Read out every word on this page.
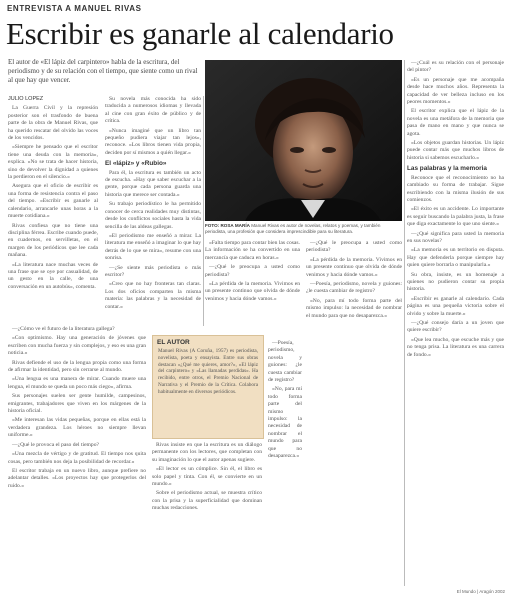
ENTREVISTA A MANUEL RIVAS
Escribir es ganarle al calendario
El autor de «El lápiz del carpintero» habla de la escritura, del periodismo y de su relación con el tiempo, que siente como un rival al que hay que vencer.
JULIO LÓPEZ

La Guerra Civil y la represión posterior son el trasfondo de buena parte de la obra de Manuel Rivas, que ha querido rescatar del olvido las voces de los vencidos.

«Siempre he pensado que el escritor tiene una deuda con la memoria», explica. «No se trata de hacer historia, sino de devolver la dignidad a quienes la perdieron en el silencio.»

Asegura que el oficio de escribir es una forma de resistencia contra el paso del tiempo. «Escribir es ganarle al calendario, arrancarle unas horas a la muerte cotidiana.»

Rivas confiesa que no tiene una disciplina férrea. Escribe cuando puede, en cuadernos, en servilletas, en el margen de los periódicos que lee cada mañana.

«La literatura nace muchas veces de una frase que se oye por casualidad, de un gesto en la calle, de una conversación en un autobús», comenta.

Su novela más conocida ha sido traducida a numerosos idiomas y llevada al cine con gran éxito de público y de crítica.

«Nunca imaginé que un libro tan pequeño pudiera viajar tan lejos», reconoce. «Los libros tienen vida propia, deciden por sí mismos a quién llegar.»

El «lápiz» y «Rubio»

Para él, la escritura es también un acto de escucha. «Hay que saber escuchar a la gente, porque cada persona guarda una historia que merece ser contada.»

Su trabajo periodístico le ha permitido conocer de cerca realidades muy distintas, desde los conflictos sociales hasta la vida sencilla de las aldeas gallegas.

«El periodismo me enseñó a mirar. La literatura me enseñó a imaginar lo que hay detrás de lo que se mira», resume con una sonrisa.

—¿Se siente más periodista o más escritor?

«Creo que no hay fronteras tan claras. Los dos oficios comparten la misma materia: las palabras y la necesidad de contar.»

FOTO: ROSA MARÍA Manuel Rivas es autor de novelas, relatos y poemas, y también periodista, una profesión que considera imprescindible para su literatura.

—¿Cuál es su relación con el personaje del pintor?

«Es un personaje que me acompaña desde hace muchos años. Representa la capacidad de ver belleza incluso en los peores momentos.»

El escritor explica que el lápiz de la novela es una metáfora de la memoria que pasa de mano en mano y que nunca se agota.

«Los objetos guardan historias. Un lápiz puede contar más que muchos libros de historia si sabemos escucharlo.»

Las palabras y la memoria

Reconoce que el reconocimiento no ha cambiado su forma de trabajar. Sigue escribiendo con la misma ilusión de sus comienzos.

«El éxito es un accidente. Lo importante es seguir buscando la palabra justa, la frase que diga exactamente lo que uno siente.»

—¿Qué significa para usted la memoria en sus novelas?

«La memoria es un territorio en disputa. Hay que defenderla porque siempre hay quien quiere borrarla o manipularla.»

Su obra, insiste, es un homenaje a quienes no pudieron contar su propia historia.

«Escribir es ganarle al calendario. Cada página es una pequeña victoria sobre el olvido y sobre la muerte.»

—¿Qué consejo daría a un joven que quiere escribir?

«Que lea mucho, que escuche más y que no tenga prisa. La literatura es una carrera de fondo.»

—¿Cómo ve el futuro de la literatura gallega?

«Con optimismo. Hay una generación de jóvenes que escriben con mucha fuerza y sin complejos, y eso es una gran noticia.»

Rivas defiende el uso de la lengua propia como una forma de afirmar la identidad, pero sin cerrarse al mundo.

«Una lengua es una manera de mirar. Cuando muere una lengua, el mundo se queda un poco más ciego», afirma.

Sus personajes suelen ser gente humilde, campesinos, emigrantes, trabajadores que viven en los márgenes de la historia oficial.

«Me interesan las vidas pequeñas, porque en ellas está la verdadera grandeza. Los héroes no siempre llevan uniforme.»

—¿Qué le provoca el paso del tiempo?

«Una mezcla de vértigo y de gratitud. El tiempo nos quita cosas, pero también nos deja la posibilidad de recordar.»

El escritor trabaja en un nuevo libro, aunque prefiere no adelantar detalles. «Los proyectos hay que protegerlos del ruido.»

EL AUTOR
Manuel Rivas (A Coruña, 1957) es periodista, novelista, poeta y ensayista. Entre sus obras destacan «¿Qué me quieres, amor?», «El lápiz del carpintero» y «Las llamadas perdidas». Ha recibido, entre otros, el Premio Nacional de Narrativa y el Premio de la Crítica. Colabora habitualmente en diversos periódicos.

Rivas insiste en que la escritura es un diálogo permanente con los lectores, que completan con su imaginación lo que el autor apenas sugiere.

«El lector es un cómplice. Sin él, el libro es solo papel y tinta. Con él, se convierte en un mundo.»

Sobre el periodismo actual, se muestra crítico con la prisa y la superficialidad que dominan muchas redacciones.

«Falta tiempo para contar bien las cosas. La información se ha convertido en una mercancía que caduca en horas.»

—¿Qué le preocupa a usted como periodista?

«La pérdida de la memoria. Vivimos en un presente continuo que olvida de dónde venimos y hacia dónde vamos.»

—¿Qué le preocupa a usted como periodista?

«La pérdida de la memoria. Vivimos en un presente continuo que olvida de dónde venimos y hacia dónde vamos.»

—Poesía, periodismo, novela y guiones: ¿le cuesta cambiar de registro?

«No, para mí todo forma parte del mismo impulso: la necesidad de nombrar el mundo para que no desaparezca.»

—Poesía, periodismo, novela y guiones: ¿le cuesta cambiar de registro?

«No, para mí todo forma parte del mismo impulso: la necesidad de nombrar el mundo para que no desaparezca.»

El Mundo | Aragón 2002
